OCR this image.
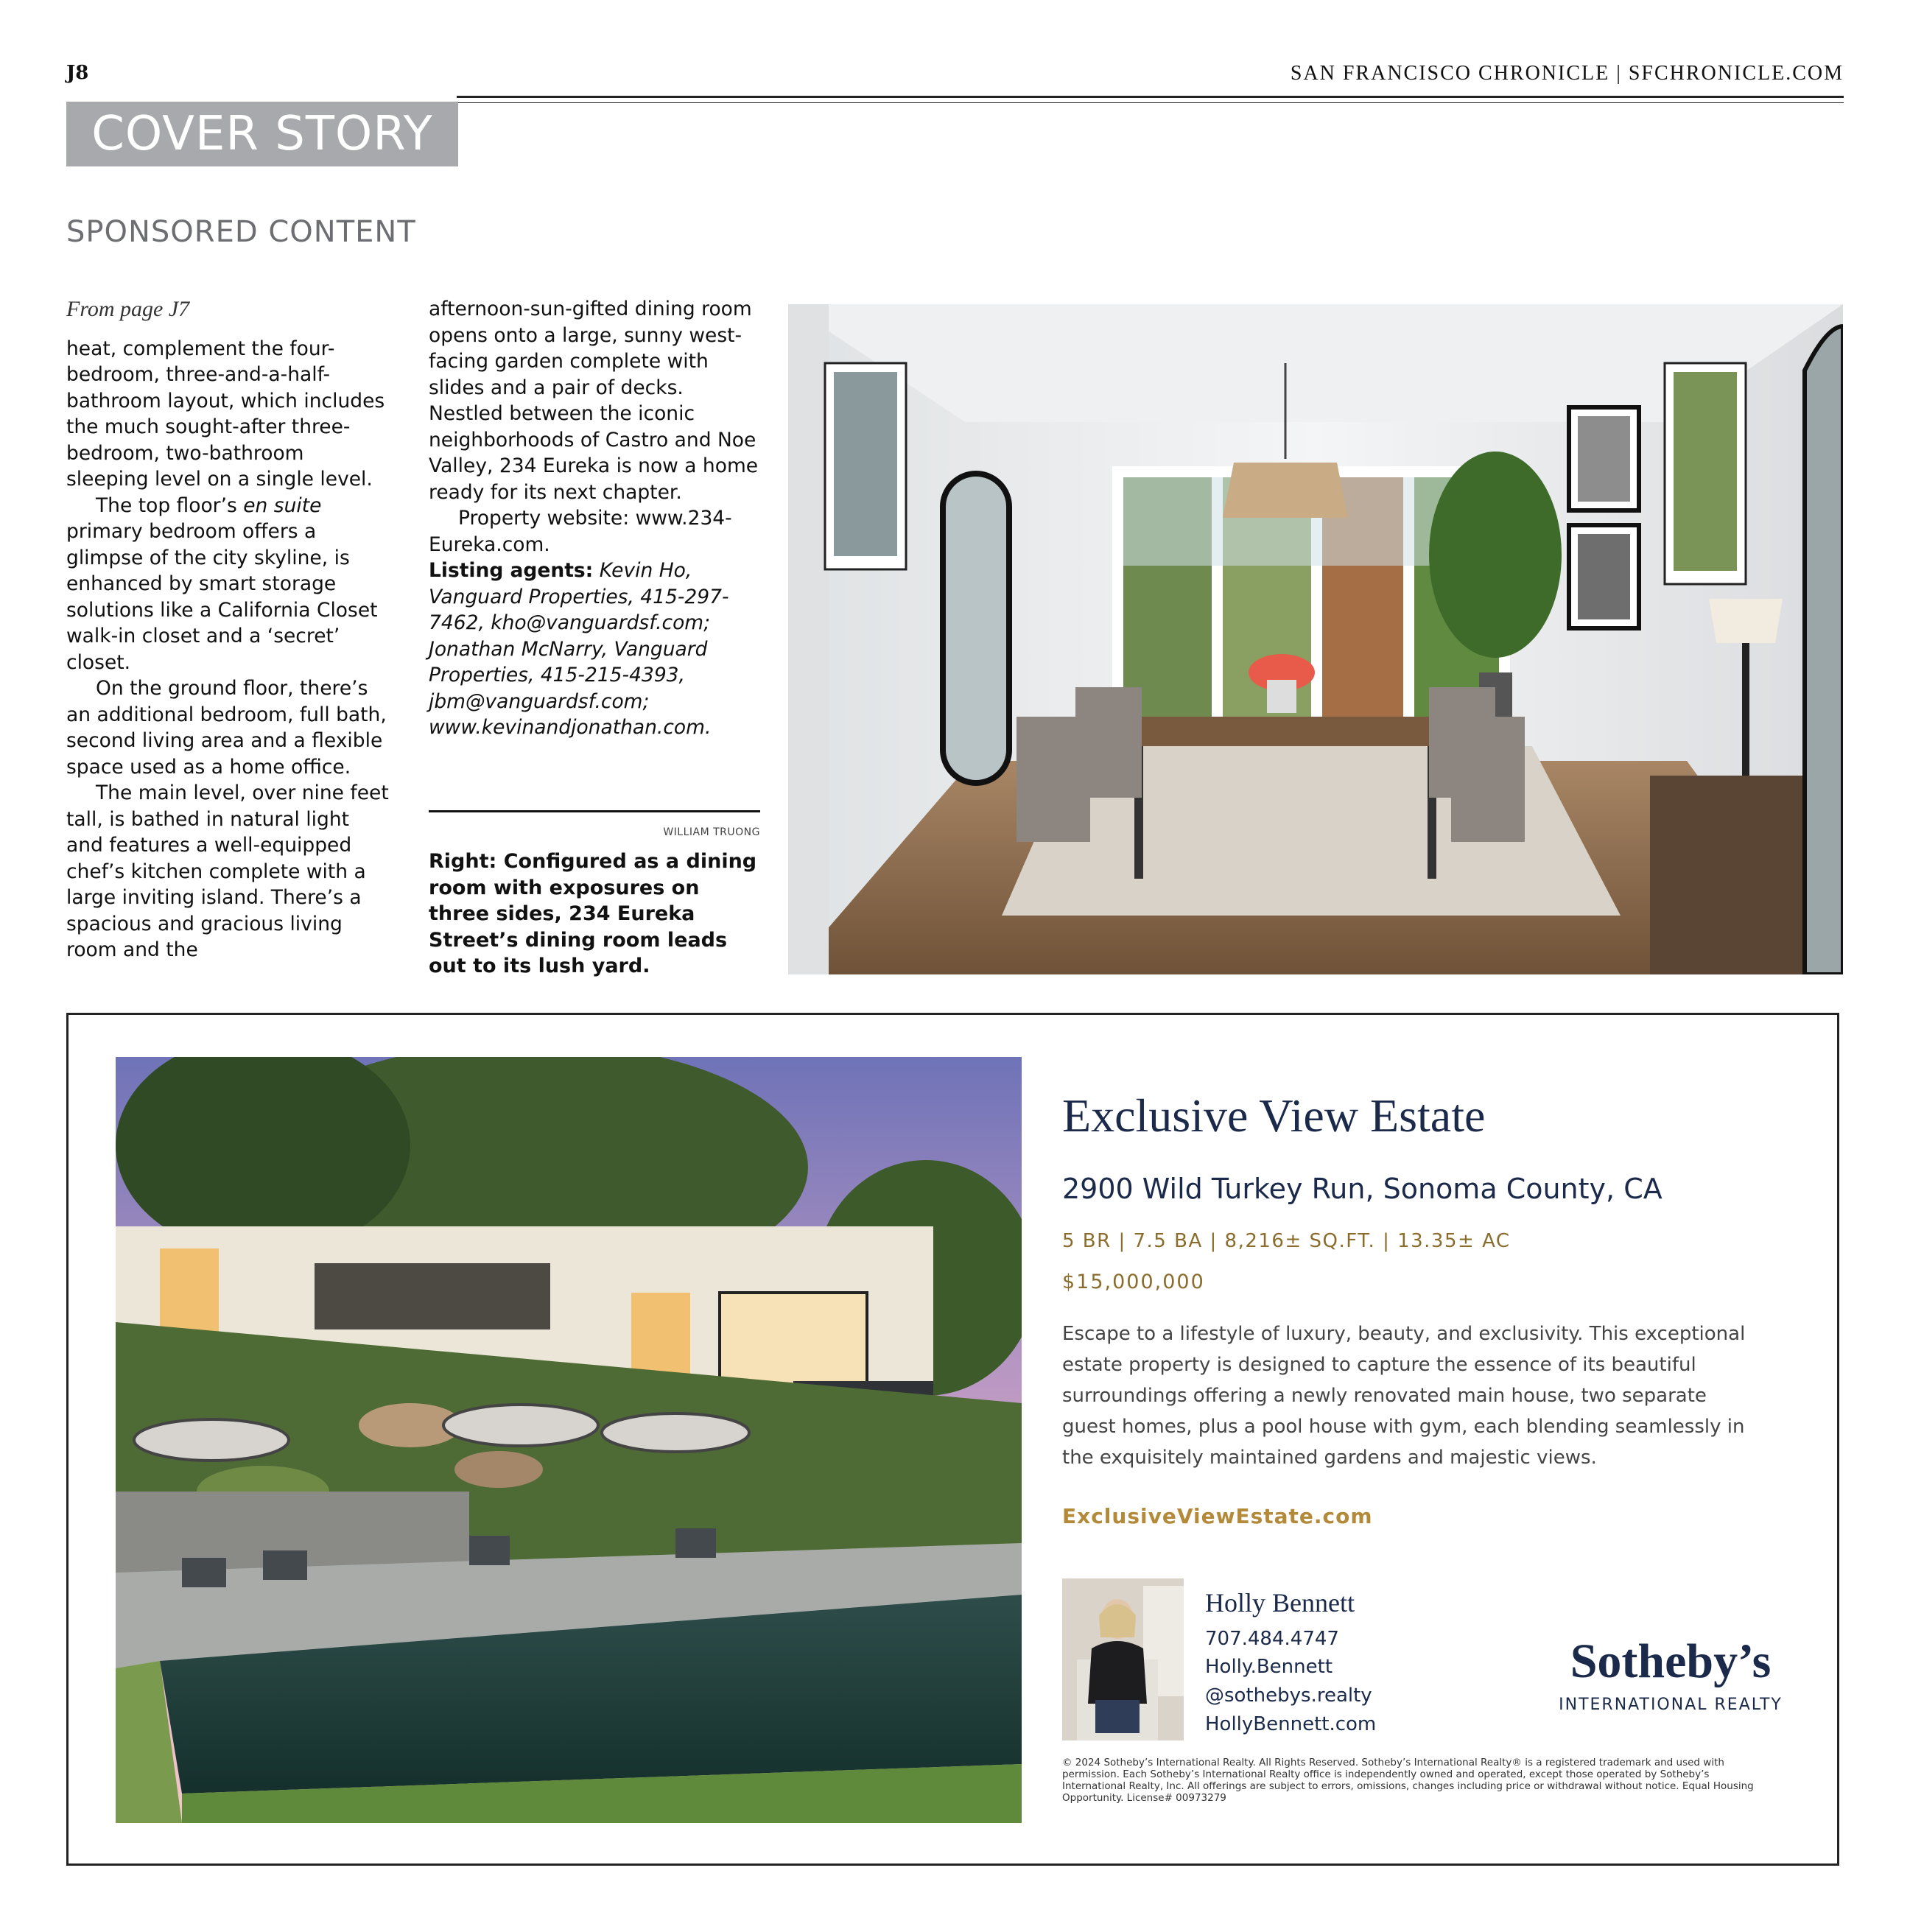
J8	SAN FRANCISCO CHRONICLE | SFCHRONICLE.COM
COVER STORY
SPONSORED CONTENT
From page J7

heat, complement the four-bedroom, three-and-a-half-bathroom layout, which includes the much sought-after three-bedroom, two-bathroom sleeping level on a single level.

The top floor’s en suite primary bedroom offers a glimpse of the city skyline, is enhanced by smart storage solutions like a California Closet walk-in closet and a ‘secret’ closet.

On the ground floor, there’s an additional bedroom, full bath, second living area and a flexible space used as a home office.

The main level, over nine feet tall, is bathed in natural light and features a well-equipped chef’s kitchen complete with a large inviting island. There’s a spacious and gracious living room and the

afternoon-sun-gifted dining room opens onto a large, sunny west-facing garden complete with slides and a pair of decks. Nestled between the iconic neighborhoods of Castro and Noe Valley, 234 Eureka is now a home ready for its next chapter.

Property website: www.234-Eureka.com.

Listing agents: Kevin Ho, Vanguard Properties, 415-297-7462, kho@vanguardsf.com; Jonathan McNarry, Vanguard Properties, 415-215-4393, jbm@vanguardsf.com; www.kevinandjonathan.com.

WILLIAM TRUONG
Right: Configured as a dining room with exposures on three sides, 234 Eureka Street’s dining room leads out to its lush yard.
Exclusive View Estate
2900 Wild Turkey Run, Sonoma County, CA
5 BR | 7.5 BA | 8,216± SQ.FT. | 13.35± AC
$15,000,000
Escape to a lifestyle of luxury, beauty, and exclusivity. This exceptional estate property is designed to capture the essence of its beautiful surroundings offering a newly renovated main house, two separate guest homes, plus a pool house with gym, each blending seamlessly in the exquisitely maintained gardens and majestic views.
ExclusiveViewEstate.com
Holly Bennett
707.484.4747
Holly.Bennett
@sothebys.realty
HollyBennett.com
Sotheby’s
INTERNATIONAL REALTY
© 2024 Sotheby’s International Realty. All Rights Reserved. Sotheby’s International Realty® is a registered trademark and used with permission. Each Sotheby’s International Realty office is independently owned and operated, except those operated by Sotheby’s International Realty, Inc. All offerings are subject to errors, omissions, changes including price or withdrawal without notice. Equal Housing Opportunity. License# 00973279
